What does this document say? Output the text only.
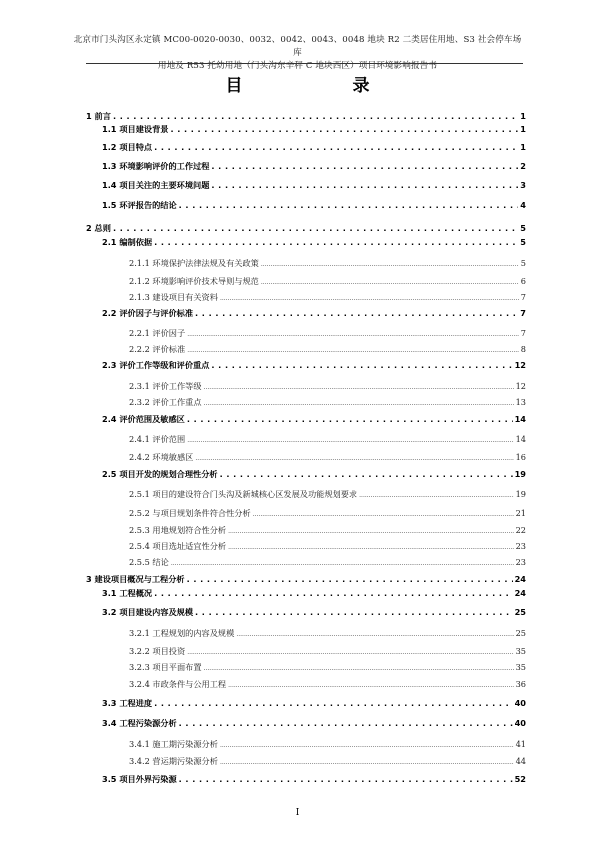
北京市门头沟区永定镇 MC00-0020-0030、0032、0042、0043、0048 地块 R2 二类居住用地、S3 社会停车场库
用地及 R53 托幼用地（门头沟东辛秤 C 地块西区）项目环境影响报告书
目 录
1 前言 . . .	1
1.1 项目建设背景 . . .	1
1.2 项目特点 . . .	1
1.3 环境影响评价的工作过程 . . .	2
1.4 项目关注的主要环境问题 . . .	3
1.5 环评报告的结论 . . .	4
2 总则 . . .	5
2.1 编制依据 . . .	5
2.1.1 环境保护法律法规及有关政策 .....	5
2.1.2 环境影响评价技术导则与规范 .....	6
2.1.3 建设项目有关资料 .....	7
2.2 评价因子与评价标准 . . .	7
2.2.1 评价因子 .....	7
2.2.2 评价标准 .....	8
2.3 评价工作等级和评价重点 . . .	12
2.3.1 评价工作等级 .....	12
2.3.2 评价工作重点 .....	13
2.4 评价范围及敏感区 . . .	14
2.4.1 评价范围 .....	14
2.4.2 环境敏感区 .....	16
2.5 项目开发的规划合理性分析 . . .	19
2.5.1 项目的建设符合门头沟及新城核心区发展及功能规划要求 .....	19
2.5.2 与项目规划条件符合性分析 .....	21
2.5.3 用地规划符合性分析 .....	22
2.5.4 项目选址适宜性分析 .....	23
2.5.5 结论 .....	23
3 建设项目概况与工程分析 . . .	24
3.1 工程概况 . . .	24
3.2 项目建设内容及规模 . . .	25
3.2.1 工程规划的内容及规模 .....	25
3.2.2 项目投资 .....	35
3.2.3 项目平面布置 .....	35
3.2.4 市政条件与公用工程 .....	36
3.3 工程进度 . . .	40
3.4 工程污染源分析 . . .	40
3.4.1 施工期污染源分析 .....	41
3.4.2 营运期污染源分析 .....	44
3.5 项目外界污染源 . . .	52
I
